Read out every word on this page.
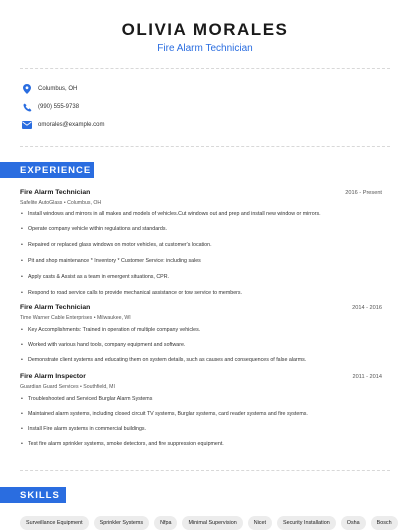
OLIVIA MORALES
Fire Alarm Technician
Columbus, OH
(990) 555-9738
omorales@example.com
EXPERIENCE
Fire Alarm Technician	2016 - Present
Safelite AutoGlass • Columbus, OH
• Install windows and mirrors in all makes and models of vehicles.Cut windows out and prep and install new window or mirrors.
• Operate company vehicle within regulations and standards.
• Repaired or replaced glass windows on motor vehicles, at customer's location.
• Pit and shop maintenance * Inventory * Customer Service: including sales
• Apply casts & Assist as a team in emergent situations, CPR.
• Respond to road service calls to provide mechanical assistance or tow service to members.
Fire Alarm Technician	2014 - 2016
Time Warner Cable Enterprises • Milwaukee, WI
• Key Accomplishments: Trained in operation of multiple company vehicles.
• Worked with various hand tools, company equipment and software.
• Demonstrate client systems and educating them on system details, such as causes and consequences of false alarms.
Fire Alarm Inspector	2011 - 2014
Guardian Guard Services • Southfield, MI
• Troubleshooted and Serviced Burglar Alarm Systems
• Maintained alarm systems, including closed circuit TV systems, Burglar systems, card reader systems and fire systems.
• Install Fire alarm systems in commercial buildings.
• Test fire alarm sprinkler systems, smoke detectors, and fire suppression equipment.
SKILLS
Surveillance Equipment	Sprinkler Systems	Nfpa	Minimal Supervision	Nicet	Security Installation	Osha	Bosch
